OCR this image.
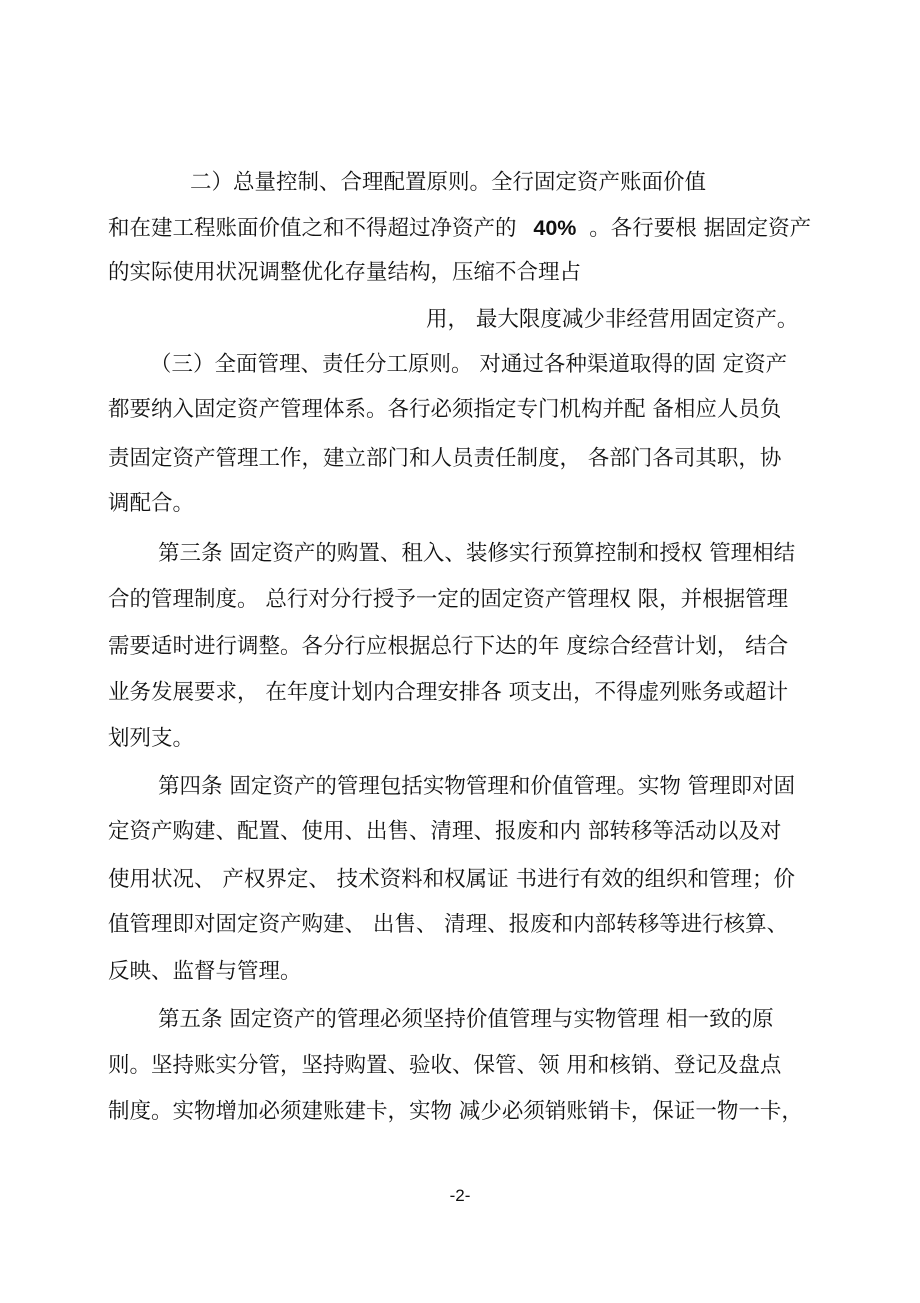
二）总量控制、合理配置原则。全行固定资产账面价值
和在建工程账面价值之和不得超过净资产的 40% 。各行要根 据固定资产
的实际使用状况调整优化存量结构，压缩不合理占
用， 最大限度减少非经营用固定资产。
（三）全面管理、责任分工原则。 对通过各种渠道取得的固 定资产
都要纳入固定资产管理体系。各行必须指定专门机构并配 备相应人员负
责固定资产管理工作，建立部门和人员责任制度， 各部门各司其职，协
调配合。
第三条 固定资产的购置、租入、装修实行预算控制和授权 管理相结
合的管理制度。 总行对分行授予一定的固定资产管理权 限，并根据管理
需要适时进行调整。各分行应根据总行下达的年 度综合经营计划， 结合
业务发展要求， 在年度计划内合理安排各 项支出，不得虚列账务或超计
划列支。
第四条 固定资产的管理包括实物管理和价值管理。实物 管理即对固
定资产购建、配置、使用、出售、清理、报废和内 部转移等活动以及对
使用状况、 产权界定、 技术资料和权属证 书进行有效的组织和管理；价
值管理即对固定资产购建、 出售、 清理、报废和内部转移等进行核算、
反映、监督与管理。
第五条 固定资产的管理必须坚持价值管理与实物管理 相一致的原
则。坚持账实分管，坚持购置、验收、保管、领 用和核销、登记及盘点
制度。实物增加必须建账建卡，实物 减少必须销账销卡，保证一物一卡，
-2-
